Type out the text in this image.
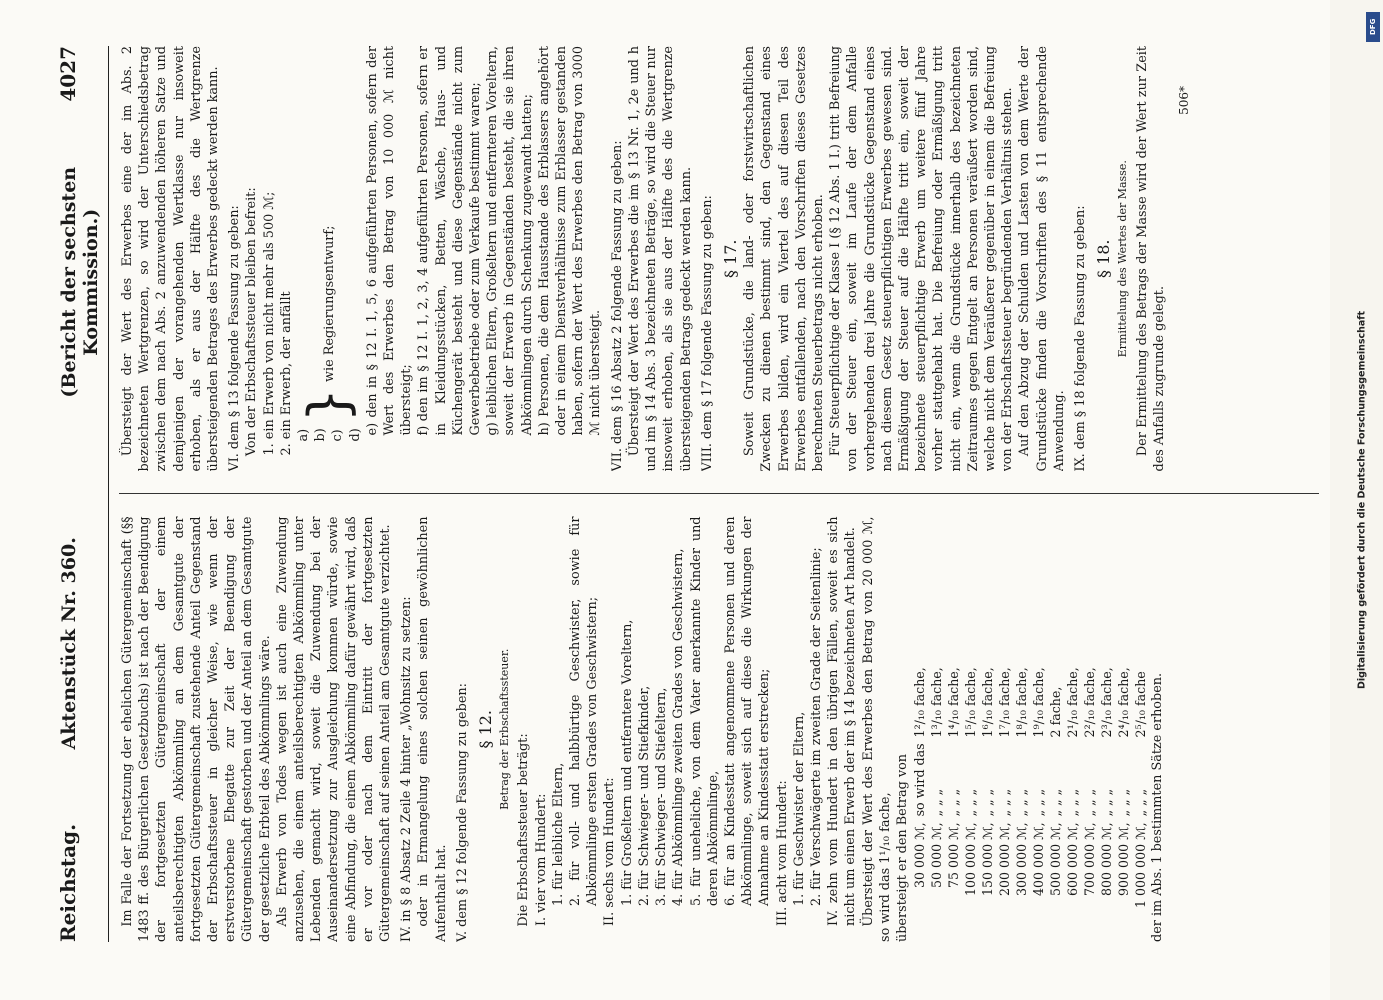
Reichstag.
Aktenstück Nr. 360.
(Bericht der sechsten Kommission.)
4027

Im Falle der Fortsetzung der ehelichen Gütergemeinschaft (§§ 1483 ff. des Bürgerlichen Gesetzbuchs) ist nach der Beendigung der fortgesetzten Gütergemeinschaft der einem anteilsberechtigten Abkömmling an dem Gesamtgute der fortgesetzten Gütergemeinschaft zustehende Anteil Gegenstand der Erbschaftssteuer in gleicher Weise, wie wenn der erstverstorbene Ehegatte zur Zeit der Beendigung der Gütergemeinschaft gestorben und der Anteil an dem Gesamtgute der gesetzliche Erbteil des Abkömmlings wäre. Als Erwerb von Todes wegen ist auch eine Zuwendung anzusehen, die einem anteilsberechtigten Abkömmling unter Lebenden gemacht wird, soweit die Zuwendung bei der Auseinandersetzung zur Ausgleichung kommen würde, sowie eine Abfindung, die einem Abkömmling dafür gewährt wird, daß er vor oder nach dem Eintritt der fortgesetzten Gütergemeinschaft auf seinen Anteil am Gesamtgute verzichtet. IV. in § 8 Absatz 2 Zeile 4 hinter „Wohnsitz zu setzen: oder in Ermangelung eines solchen seinen gewöhnlichen Aufenthalt hat. V. dem § 12 folgende Fassung zu geben: § 12. Betrag der Erbschaftssteuer.

Die Erbschaftssteuer beträgt: I. vier vom Hundert: 1. für leibliche Eltern, 2. für voll- und halbbürtige Geschwister, sowie für Abkömmlinge ersten Grades von Geschwistern; II. sechs vom Hundert: 1. für Großeltern und entferntere Voreltern, 2. für Schwieger- und Stiefkinder, 3. für Schwieger- und Stiefeltern, 4. für Abkömmlinge zweiten Grades von Geschwistern, 5. für uneheliche, von dem Vater anerkannte Kinder und deren Abkömmlinge, 6. für an Kindesstatt angenommene Personen und deren Abkömmlinge, soweit sich auf diese die Wirkungen der Annahme an Kindesstatt erstrecken; III. acht vom Hundert: 1. für Geschwister der Eltern, 2. für Verschwägerte im zweiten Grade der Seitenlinie; IV. zehn vom Hundert in den übrigen Fällen, soweit es sich nicht um einen Erwerb der im § 14 bezeichneten Art handelt. Übersteigt der Wert des Erwerbes den Betrag von 20 000 ℳ, so wird das 1¹/₁₀ fache, übersteigt er den Betrag von 30 000 ℳ,	so wird das	1²/₁₀ fache,
50 000 ℳ,	„ „ „	1³/₁₀ fache,
75 000 ℳ,	„ „ „	1⁴/₁₀ fache,
100 000 ℳ,	„ „ „	1⁵/₁₀ fache,
150 000 ℳ,	„ „ „	1⁶/₁₀ fache,
200 000 ℳ,	„ „ „	1⁷/₁₀ fache,
300 000 ℳ,	„ „ „	1⁸/₁₀ fache,
400 000 ℳ,	„ „ „	1⁹/₁₀ fache,
500 000 ℳ,	„ „ „	2 fache,
600 000 ℳ,	„ „ „	2¹/₁₀ fache,
700 000 ℳ,	„ „ „	2²/₁₀ fache,
800 000 ℳ,	„ „ „	2³/₁₀ fache,
900 000 ℳ,	„ „ „	2⁴/₁₀ fache,
1 000 000 ℳ,	„ „ „	2⁵/₁₀ fache der im Abs. 1 bestimmten Sätze erhoben.

Übersteigt der Wert des Erwerbes eine der im Abs. 2 bezeichneten Wertgrenzen, so wird der Unterschiedsbetrag zwischen dem nach Abs. 2 anzuwendenden höheren Satze und demjenigen der vorangehenden Wertklasse nur insoweit erhoben, als er aus der Hälfte des die Wertgrenze übersteigenden Betrages des Erwerbes gedeckt werden kann. VI. dem § 13 folgende Fassung zu geben: Von der Erbschaftssteuer bleiben befreit: 1. ein Erwerb von nicht mehr als 500 ℳ; 2. ein Erwerb, der anfällt a) b) c) d)
}
wie Regierungsentwurf; e) den in § 12 I. 1, 5, 6 aufgeführten Personen, sofern der Wert des Erwerbes den Betrag von 10 000 ℳ nicht übersteigt; f) den im § 12 I. 1, 2, 3, 4 aufgeführten Personen, sofern er in Kleidungsstücken, Betten, Wäsche, Haus- und Küchengerät besteht und diese Gegenstände nicht zum Gewerbebetriebe oder zum Verkaufe bestimmt waren; g) leiblichen Eltern, Großeltern und entfernteren Voreltern, soweit der Erwerb in Gegenständen besteht, die sie ihren Abkömmlingen durch Schenkung zugewandt hatten; h) Personen, die dem Hausstande des Erblassers angehört oder in einem Dienstverhältnisse zum Erblasser gestanden haben, sofern der Wert des Erwerbes den Betrag von 3000 ℳ nicht übersteigt. VII. dem § 16 Absatz 2 folgende Fassung zu geben: Übersteigt der Wert des Erwerbes die im § 13 Nr. 1, 2e und h und im § 14 Abs. 3 bezeichneten Beträge, so wird die Steuer nur insoweit erhoben, als sie aus der Hälfte des die Wertgrenze übersteigenden Betrags gedeckt werden kann. VIII. dem § 17 folgende Fassung zu geben: § 17. Soweit Grundstücke, die land- oder forstwirtschaftlichen Zwecken zu dienen bestimmt sind, den Gegenstand eines Erwerbes bilden, wird ein Viertel des auf diesen Teil des Erwerbes entfallenden, nach den Vorschriften dieses Gesetzes berechneten Steuerbetrags nicht erhoben. Für Steuerpflichtige der Klasse I (§ 12 Abs. 1 I.) tritt Befreiung von der Steuer ein, soweit im Laufe der dem Anfalle vorhergehenden drei Jahre die Grundstücke Gegenstand eines nach diesem Gesetz steuerpflichtigen Erwerbes gewesen sind. Ermäßigung der Steuer auf die Hälfte tritt ein, soweit der bezeichnete steuerpflichtige Erwerb um weitere fünf Jahre vorher stattgehabt hat. Die Befreiung oder Ermäßigung tritt nicht ein, wenn die Grundstücke innerhalb des bezeichneten Zeitraumes gegen Entgelt an Personen veräußert worden sind, welche nicht dem Veräußerer gegenüber in einem die Befreiung von der Erbschaftssteuer begründenden Verhältnis stehen. Auf den Abzug der Schulden und Lasten von dem Werte der Grundstücke finden die Vorschriften des § 11 entsprechende Anwendung. IX. dem § 18 folgende Fassung zu geben: § 18. Ermittelung des Wertes der Masse. Der Ermittelung des Betrags der Masse wird der Wert zur Zeit des Anfalls zugrunde gelegt.

506*
Digitalisierung gefördert durch die Deutsche Forschungsgemeinschaft
DFG
